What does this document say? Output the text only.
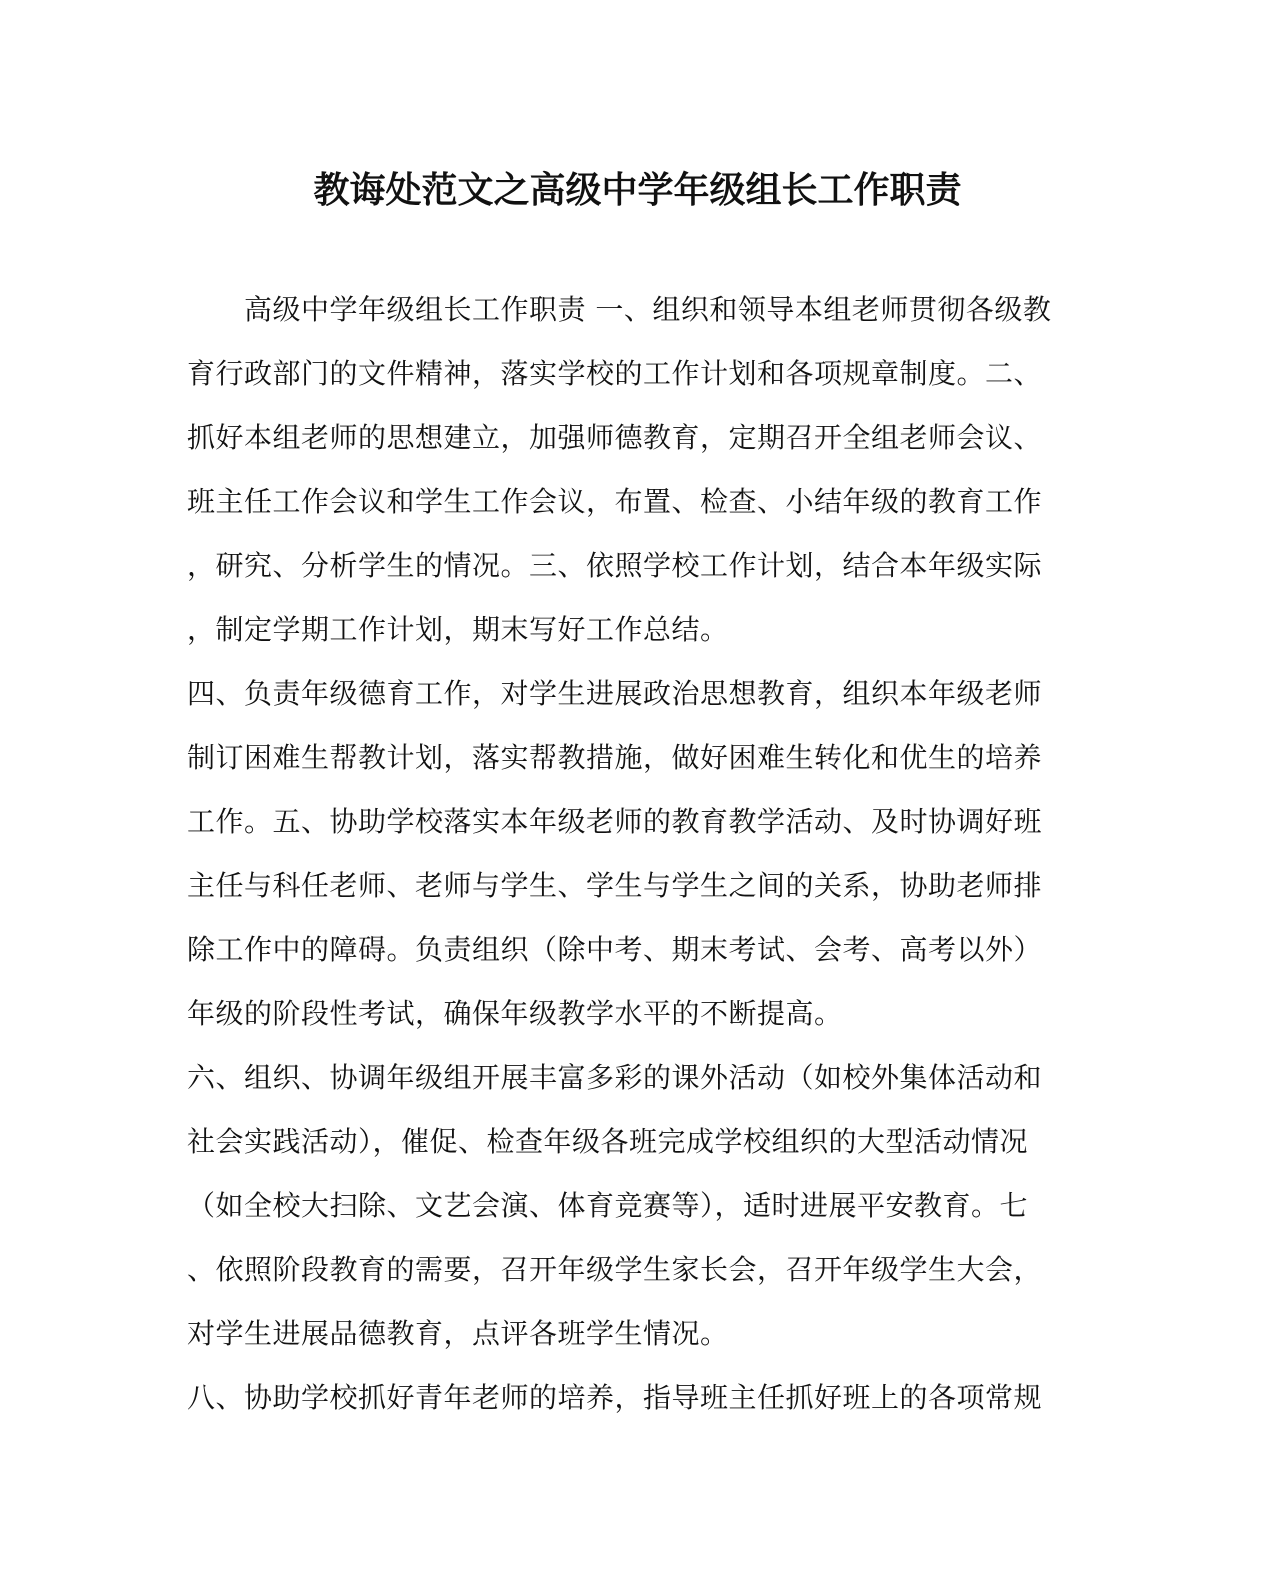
教诲处范文之高级中学年级组长工作职责
高级中学年级组长工作职责 一、组织和领导本组老师贯彻各级教
育行政部门的文件精神，落实学校的工作计划和各项规章制度。二、
抓好本组老师的思想建立，加强师德教育，定期召开全组老师会议、
班主任工作会议和学生工作会议，布置、检查、小结年级的教育工作
，研究、分析学生的情况。三、依照学校工作计划，结合本年级实际
，制定学期工作计划，期末写好工作总结。
四、负责年级德育工作，对学生进展政治思想教育，组织本年级老师
制订困难生帮教计划，落实帮教措施，做好困难生转化和优生的培养
工作。五、协助学校落实本年级老师的教育教学活动、及时协调好班
主任与科任老师、老师与学生、学生与学生之间的关系，协助老师排
除工作中的障碍。负责组织（除中考、期末考试、会考、高考以外）
年级的阶段性考试，确保年级教学水平的不断提高。
六、组织、协调年级组开展丰富多彩的课外活动（如校外集体活动和
社会实践活动），催促、检查年级各班完成学校组织的大型活动情况
（如全校大扫除、文艺会演、体育竞赛等），适时进展平安教育。七
、依照阶段教育的需要，召开年级学生家长会，召开年级学生大会，
对学生进展品德教育，点评各班学生情况。
八、协助学校抓好青年老师的培养，指导班主任抓好班上的各项常规
